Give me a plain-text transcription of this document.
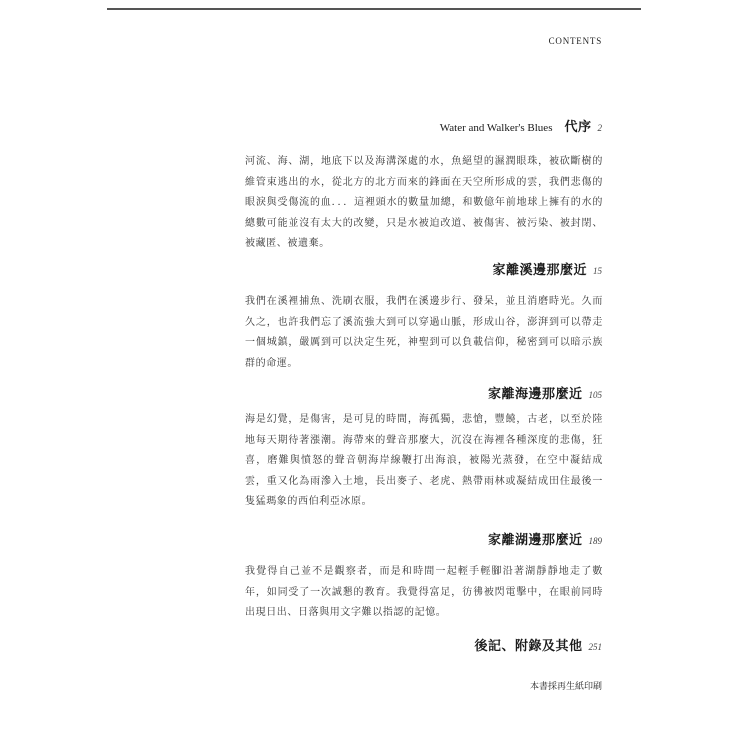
CONTENTS
Water and Walker's Blues 代序 2
河流、海、湖，地底下以及海溝深處的水，魚絕望的濕潤眼珠，被砍斷樹的維管束逃出的水，從北方的北方而來的鋒面在天空所形成的雲，我們悲傷的眼淚與受傷流的血．．．這裡頭水的數量加總，和數億年前地球上擁有的水的總數可能並沒有太大的改變，只是水被迫改道、被傷害、被污染、被封閉、被藏匿、被遺棄。
家離溪邊那麼近 15
我們在溪裡捕魚、洗刷衣服，我們在溪邊步行、發呆，並且消磨時光。久而久之，也許我們忘了溪流強大到可以穿過山脈，形成山谷，澎湃到可以帶走一個城鎮，嚴厲到可以決定生死，神聖到可以負載信仰，秘密到可以暗示族群的命運。
家離海邊那麼近 105
海是幻覺，是傷害，是可見的時間，海孤獨，悲愴，豐饒，古老，以至於陸地每天期待著漲潮。海帶來的聲音那麼大，沉沒在海裡各種深度的悲傷，狂喜，磨難與憤怒的聲音朝海岸線鞭打出海浪，被陽光蒸發，在空中凝結成雲，重又化為雨滲入土地，長出麥子、老虎、熱帶雨林或凝結成田住最後一隻猛瑪象的西伯利亞冰原。
家離湖邊那麼近 189
我覺得自己並不是觀察者，而是和時間一起輕手輕腳沿著湖靜靜地走了數年，如同受了一次誠懇的教育。我覺得富足，彷彿被閃電擊中，在眼前同時出現日出、日落與用文字難以指認的記憶。
後記、附錄及其他 251
本書採再生紙印刷
